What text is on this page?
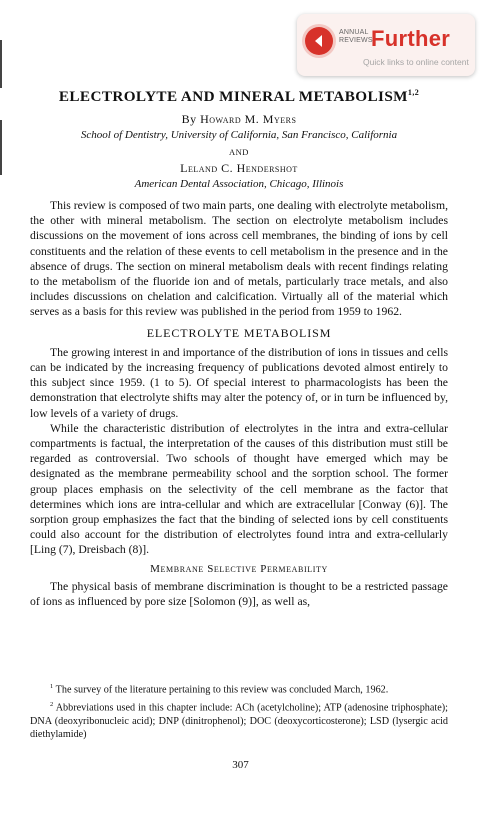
ANNUAL
REVIEWS
Further
Quick links to online content
ELECTROLYTE AND MINERAL METABOLISM$^{1,2}$
By Howard M. Myers
School of Dentistry, University of California, San Francisco, California
AND
Leland C. Hendershot
American Dental Association, Chicago, Illinois

This review is composed of two main parts, one dealing with electrolyte metabolism, the other with mineral metabolism. The section on electrolyte metabolism includes discussions on the movement of ions across cell membranes, the binding of ions by cell constituents and the relation of these events to cell metabolism in the presence and in the absence of drugs. The section on mineral metabolism deals with recent findings relating to the metabolism of the fluoride ion and of metals, particularly trace metals, and also includes discussions on chelation and calcification. Virtually all of the material which serves as a basis for this review was published in the period from 1959 to 1962.

ELECTROLYTE METABOLISM

The growing interest in and importance of the distribution of ions in tissues and cells can be indicated by the increasing frequency of publications devoted almost entirely to this subject since 1959. (1 to 5). Of special interest to pharmacologists has been the demonstration that electrolyte shifts may alter the potency of, or in turn be influenced by, low levels of a variety of drugs.

While the characteristic distribution of electrolytes in the intra and extra-cellular compartments is factual, the interpretation of the causes of this distribution must still be regarded as controversial. Two schools of thought have emerged which may be designated as the membrane permeability school and the sorption school. The former group places emphasis on the selectivity of the cell membrane as the factor that determines which ions are intra-cellular and which are extracellular [Conway (6)]. The sorption group emphasizes the fact that the binding of selected ions by cell constituents could also account for the distribution of electrolytes found intra and extra-cellularly [Ling (7), Dreisbach (8)].

Membrane Selective Permeability

The physical basis of membrane discrimination is thought to be a restricted passage of ions as influenced by pore size [Solomon (9)], as well as,

$^1$ The survey of the literature pertaining to this review was concluded March, 1962.

$^2$ Abbreviations used in this chapter include: ACh (acetylcholine); ATP (adenosine triphosphate); DNA (deoxyribonucleic acid); DNP (dinitrophenol); DOC (deoxycorticosterone); LSD (lysergic acid diethylamide)

307
